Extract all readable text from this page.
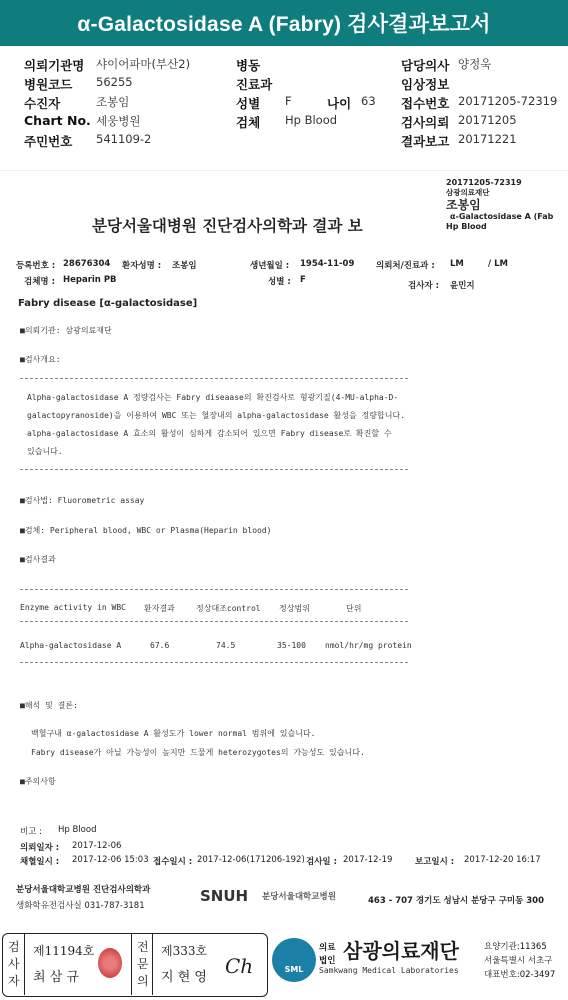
α-Galactosidase A (Fabry) 검사결과보고서
의뢰기관명 샤이어파마(부산2)	병동	담당의사 양정욱
병원코드 56255	진료과	임상정보
수진자	조봉임	성별 F	나이 63 접수번호 20171205-72319
Chart No. 세웅병원	검체 Hp Blood	검사의뢰 20171205
주민번호 541109-2	결과보고 20171221
20171205-72319
삼광의료재단
조봉임
α-Galactosidase A (Fab
Hp Blood
분당서울대병원 진단검사의학과 결과 보
등록번호 : 28676304 환자성명 : 조봉임	생년월일 : 1954-11-09	의뢰처/진료과 : LM	/ LM
검체명 : Heparin PB	성별 : F
검사자 : 윤민지
Fabry disease [α-galactosidase]
■의뢰기관: 삼광의료재단
■검사개요:
Alpha-galactosidase A 정량검사는 Fabry diseaase의 확진검사로 형광기질(4-MU-alpha-D-
galactopyranoside)을 이용하여 WBC 또는 혈장내의 alpha-galactosidase 활성을 정량합니다.
alpha-galactosidase A 효소의 활성이 심하게 감소되어 있으면 Fabry disease로 확진할 수
있습니다.
■검사법: Fluorometric assay
■검체: Peripheral blood, WBC or Plasma(Heparin blood)
■검사결과
Enzyme activity in WBC 환자결과	정상대조control 정상범위	단위
Alpha-galactosidase A	67.6	74.5	35-100 nmol/hr/mg protein
■해석 및 결론:
백혈구내 α-galactosidase A 활성도가 lower normal 범위에 있습니다.
Fabry disease가 아닐 가능성이 높지만 드물게 heterozygotes의 가능성도 있습니다.
■주의사항
비고 : Hp Blood
의뢰일자 : 2017-12-06
채혈일시 : 2017-12-06 15:03 접수일시 : 2017-12-06(171206-192) 검사일 : 2017-12-19	보고일시 : 2017-12-20 16:17
분당서울대학교병원 진단검사의학과
생화학유전검사실 031-787-3181
SNUH 분당서울대학교병원	463 - 707 경기도 성남시 분당구 구미동 300
검
사
자
제11194호
최 삼 규
전
문
의
제333호
지 현 영 Ch	SML
의료
법인 삼광의료재단
Samkwang Medical Laboratories
요양기관:11365
서울특별시 서초구
대표번호:02-3497
